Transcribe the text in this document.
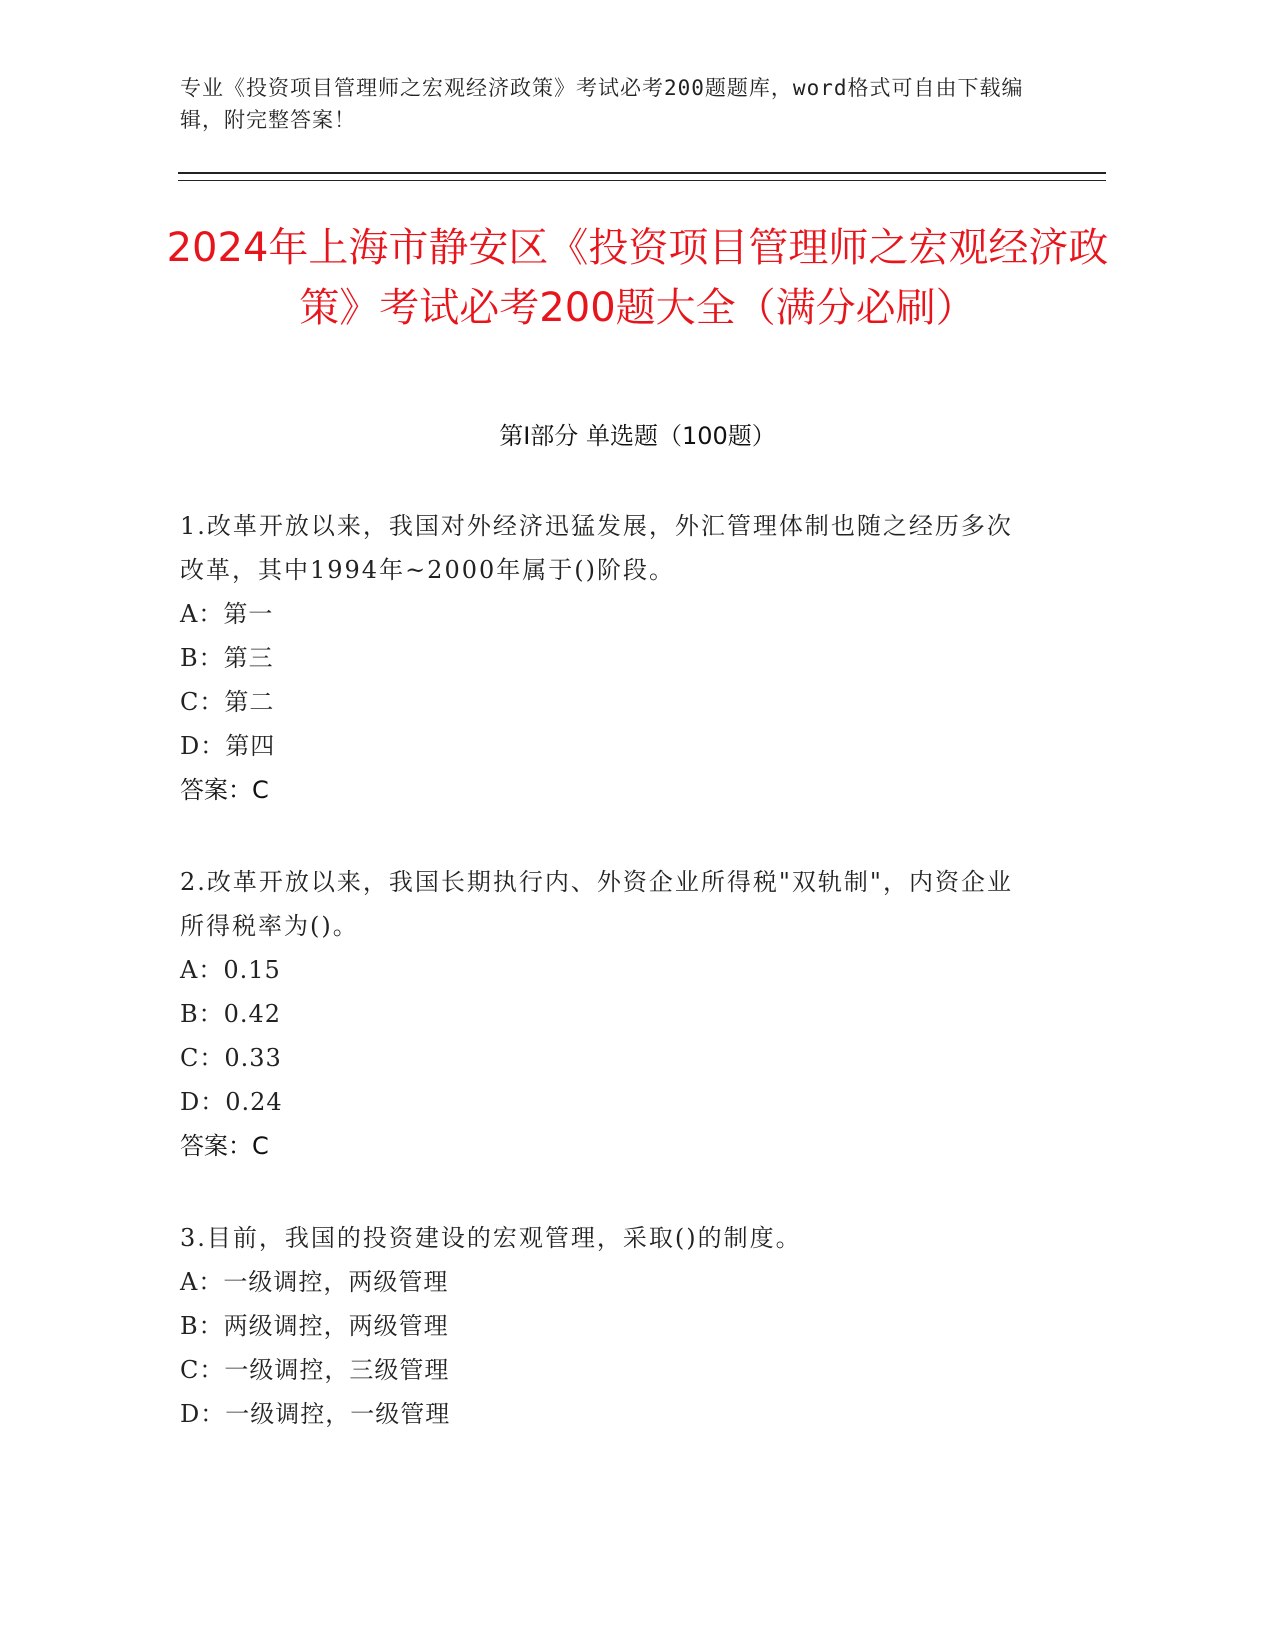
专业《投资项目管理师之宏观经济政策》考试必考200题题库，word格式可自由下载编辑，附完整答案！
2024年上海市静安区《投资项目管理师之宏观经济政策》考试必考200题大全（满分必刷）
第I部分 单选题（100题）
1.改革开放以来，我国对外经济迅猛发展，外汇管理体制也随之经历多次改革，其中1994年~2000年属于()阶段。
A：第一
B：第三
C：第二
D：第四
答案：C
2.改革开放以来，我国长期执行内、外资企业所得税"双轨制"，内资企业所得税率为()。
A：0.15
B：0.42
C：0.33
D：0.24
答案：C
3.目前，我国的投资建设的宏观管理，采取()的制度。
A：一级调控，两级管理
B：两级调控，两级管理
C：一级调控，三级管理
D：一级调控，一级管理
